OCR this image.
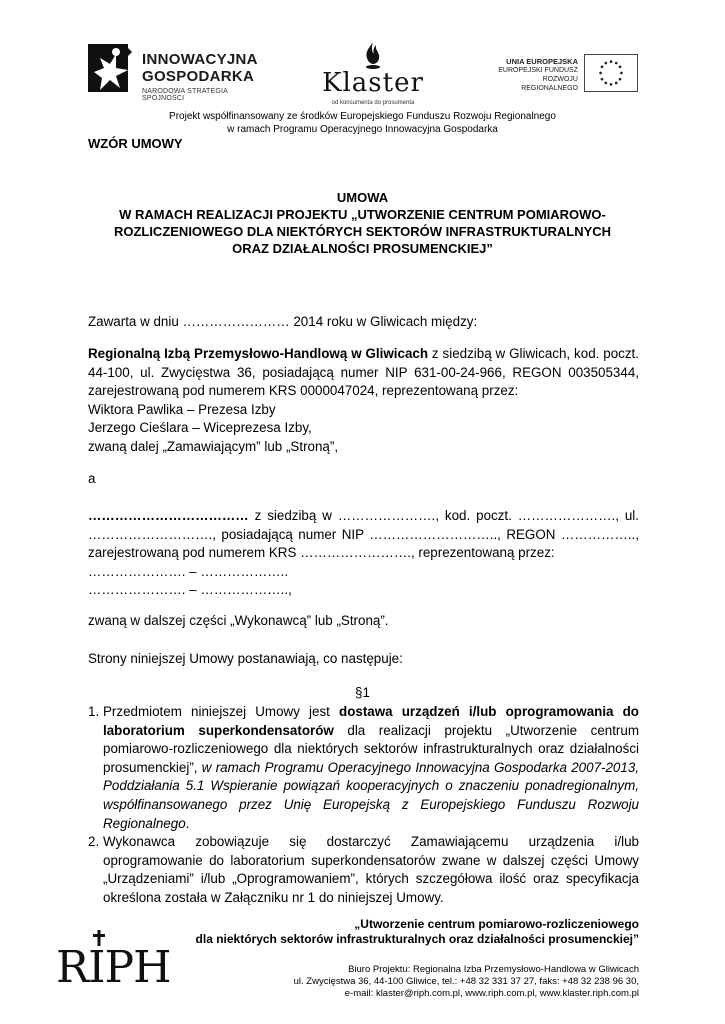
INNOWACYJNA
GOSPODARKA
NARODOWA STRATEGIA SPÓJNOŚCI
Klaster
od konsumenta do prosumenta
UNIA EUROPEJSKA
EUROPEJSKI FUNDUSZ
ROZWOJU REGIONALNEGO
Projekt współfinansowany ze środków Europejskiego Funduszu Rozwoju Regionalnego
w ramach Programu Operacyjnego Innowacyjna Gospodarka
WZÓR UMOWY
UMOWA
W RAMACH REALIZACJI PROJEKTU „UTWORZENIE CENTRUM POMIAROWO-
ROZLICZENIOWEGO DLA NIEKTÓRYCH SEKTORÓW INFRASTRUKTURALNYCH
ORAZ DZIAŁALNOŚCI PROSUMENCKIEJ”
Zawarta w dniu …………………… 2014 roku w Gliwicach między:
Regionalną Izbą Przemysłowo-Handlową w Gliwicach z siedzibą w Gliwicach, kod. poczt.
44-100, ul. Zwycięstwa 36, posiadającą numer NIP 631-00-24-966, REGON 003505344,
zarejestrowaną pod numerem KRS 0000047024, reprezentowaną przez:
Wiktora Pawlika – Prezesa Izby
Jerzego Cieślara – Wiceprezesa Izby,
zwaną dalej „Zamawiającym” lub „Stroną”,
a
……………………………… z siedzibą w …………………., kod. poczt. …………………., ul.
………………………., posiadającą numer NIP ……………………….., REGON ……………..,
zarejestrowaną pod numerem KRS ……………………., reprezentowaną przez:
…………………. – ………………..
…………………. – ………………..,
zwaną w dalszej części „Wykonawcą” lub „Stroną”.
Strony niniejszej Umowy postanawiają, co następuje:
§1
1. Przedmiotem niniejszej Umowy jest dostawa urządzeń i/lub oprogramowania do laboratorium superkondensatorów dla realizacji projektu „Utworzenie centrum pomiarowo-rozliczeniowego dla niektórych sektorów infrastrukturalnych oraz działalności prosumenckiej”, w ramach Programu Operacyjnego Innowacyjna Gospodarka 2007-2013, Poddziałania 5.1 Wspieranie powiązań kooperacyjnych o znaczeniu ponadregionalnym, współfinansowanego przez Unię Europejską z Europejskiego Funduszu Rozwoju Regionalnego.
2. Wykonawca zobowiązuje się dostarczyć Zamawiającemu urządzenia i/lub oprogramowanie do laboratorium superkondensatorów zwane w dalszej części Umowy „Urządzeniami” i/lub „Oprogramowaniem”, których szczegółowa ilość oraz specyfikacja określona została w Załączniku nr 1 do niniejszej Umowy.
RIPH
„Utworzenie centrum pomiarowo-rozliczeniowego
dla niektórych sektorów infrastrukturalnych oraz działalności prosumenckiej”
Biuro Projektu: Regionalna Izba Przemysłowo-Handlowa w Gliwicach
ul. Zwycięstwa 36, 44-100 Gliwice, tel.: +48 32 331 37 27, faks: +48 32 238 96 30,
e-mail: klaster@riph.com.pl, www.riph.com.pl, www.klaster.riph.com.pl
